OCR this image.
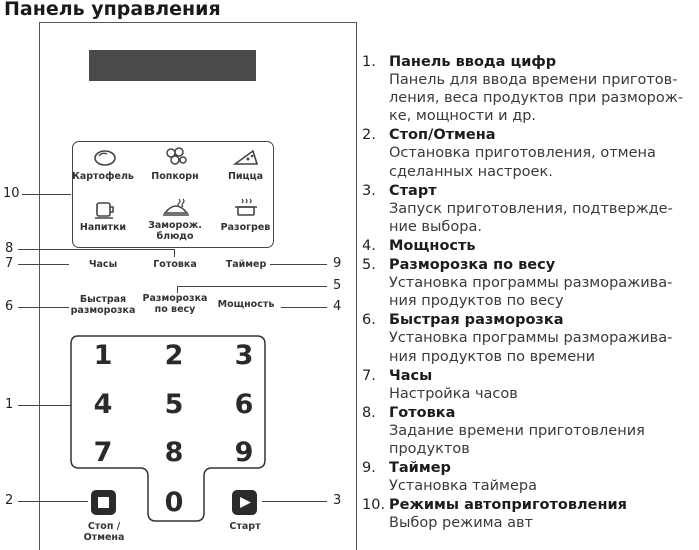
Панель управления
Картофель	Попкорн	Пицца
Напитки	Заморож.
блюдо
Разогрев
Часы	Готовка	Таймер
Быстрая
разморозка
Разморозка
по весу	Мощность
1 2 3
4 5 6
7 8 9
0
Стоп /
Отмена
Старт
10
8
7	9
5
6	4
1
2	3
1. Панель ввода цифр
Панель для ввода времени приготов-
ления, веса продуктов при разморож-
ке, мощности и др.
2. Стоп/Отмена
Остановка приготовления, отмена
сделанных настроек.
3. Старт
Запуск приготовления, подтвержде-
ние выбора.
4. Мощность
5. Разморозка по весу
Установка программы разморажива-
ния продуктов по весу
6. Быстрая разморозка
Установка программы разморажива-
ния продуктов по времени
7. Часы
Настройка часов
8. Готовка
Задание времени приготовления
продуктов
9. Таймер
Установка таймера
10. Режимы автоприготовления
Выбор режима авт
